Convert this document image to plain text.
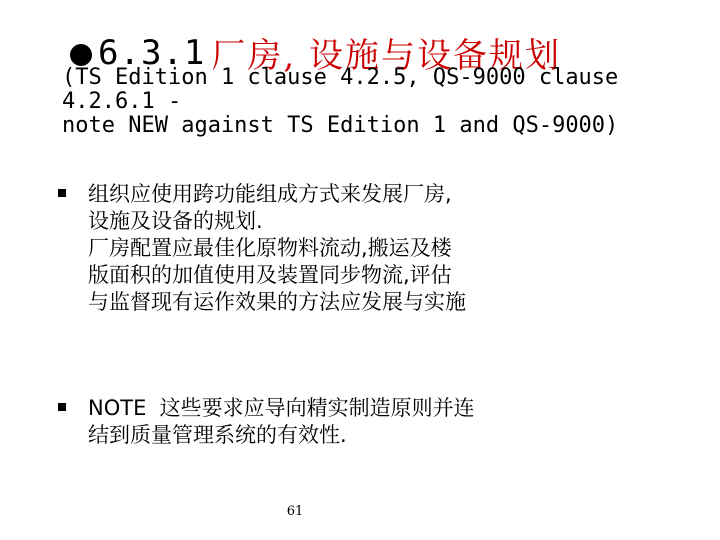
6.3.1 厂房, 设施与设备规划
(TS Edition 1 clause 4.2.5, QS-9000 clause
4.2.6.1 -
note NEW against TS Edition 1 and QS-9000)
组织应使用跨功能组成方式来发展厂房,
设施及设备的规划.
厂房配置应最佳化原物料流动,搬运及楼
版面积的加值使用及装置同步物流,评估
与监督现有运作效果的方法应发展与实施
NOTE  这些要求应导向精实制造原则并连
结到质量管理系统的有效性.
61
